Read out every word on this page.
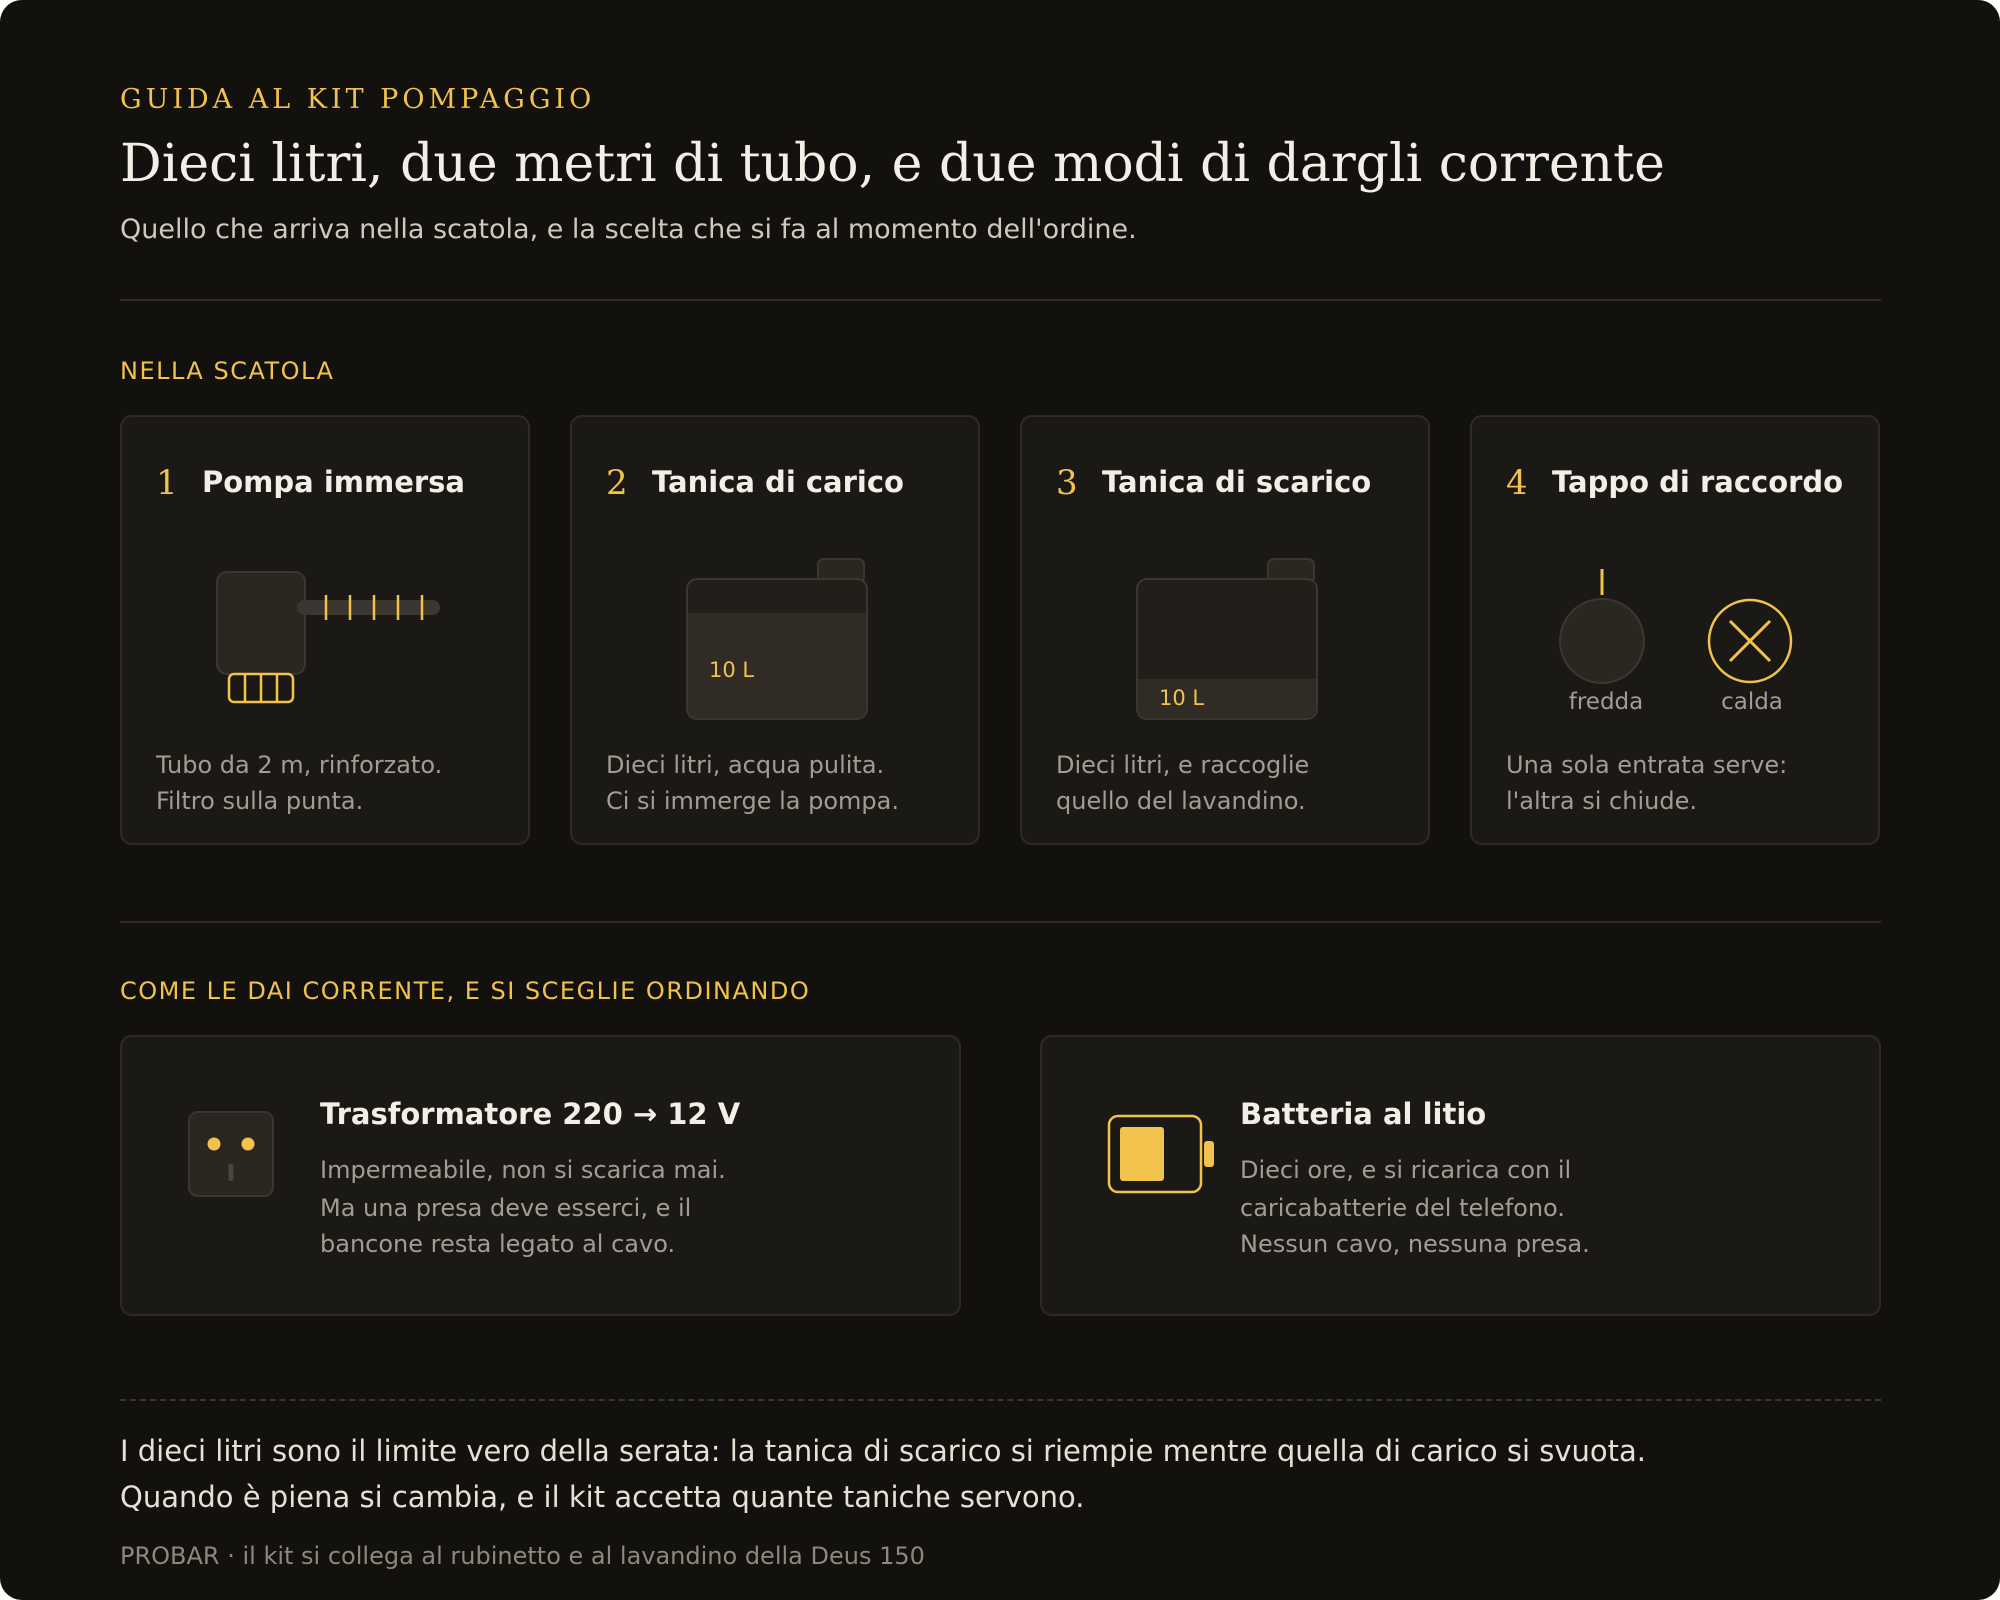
GUIDA AL KIT POMPAGGIO
Dieci litri, due metri di tubo, e due modi di dargli corrente
Quello che arriva nella scatola, e la scelta che si fa al momento dell'ordine.
NELLA SCATOLA
1 Pompa immersa
Tubo da 2 m, rinforzato.
Filtro sulla punta.
2 Tanica di carico
10 L
Dieci litri, acqua pulita.
Ci si immerge la pompa.
3 Tanica di scarico
10 L
Dieci litri, e raccoglie
quello del lavandino.
4 Tappo di raccordo
fredda	calda
Una sola entrata serve:
l'altra si chiude.
COME LE DAI CORRENTE, E SI SCEGLIE ORDINANDO
Trasformatore 220 → 12 V
Impermeabile, non si scarica mai.
Ma una presa deve esserci, e il
bancone resta legato al cavo.
Batteria al litio
Dieci ore, e si ricarica con il
caricabatterie del telefono.
Nessun cavo, nessuna presa.
I dieci litri sono il limite vero della serata: la tanica di scarico si riempie mentre quella di carico si svuota.
Quando è piena si cambia, e il kit accetta quante taniche servono.
PROBAR · il kit si collega al rubinetto e al lavandino della Deus 150
